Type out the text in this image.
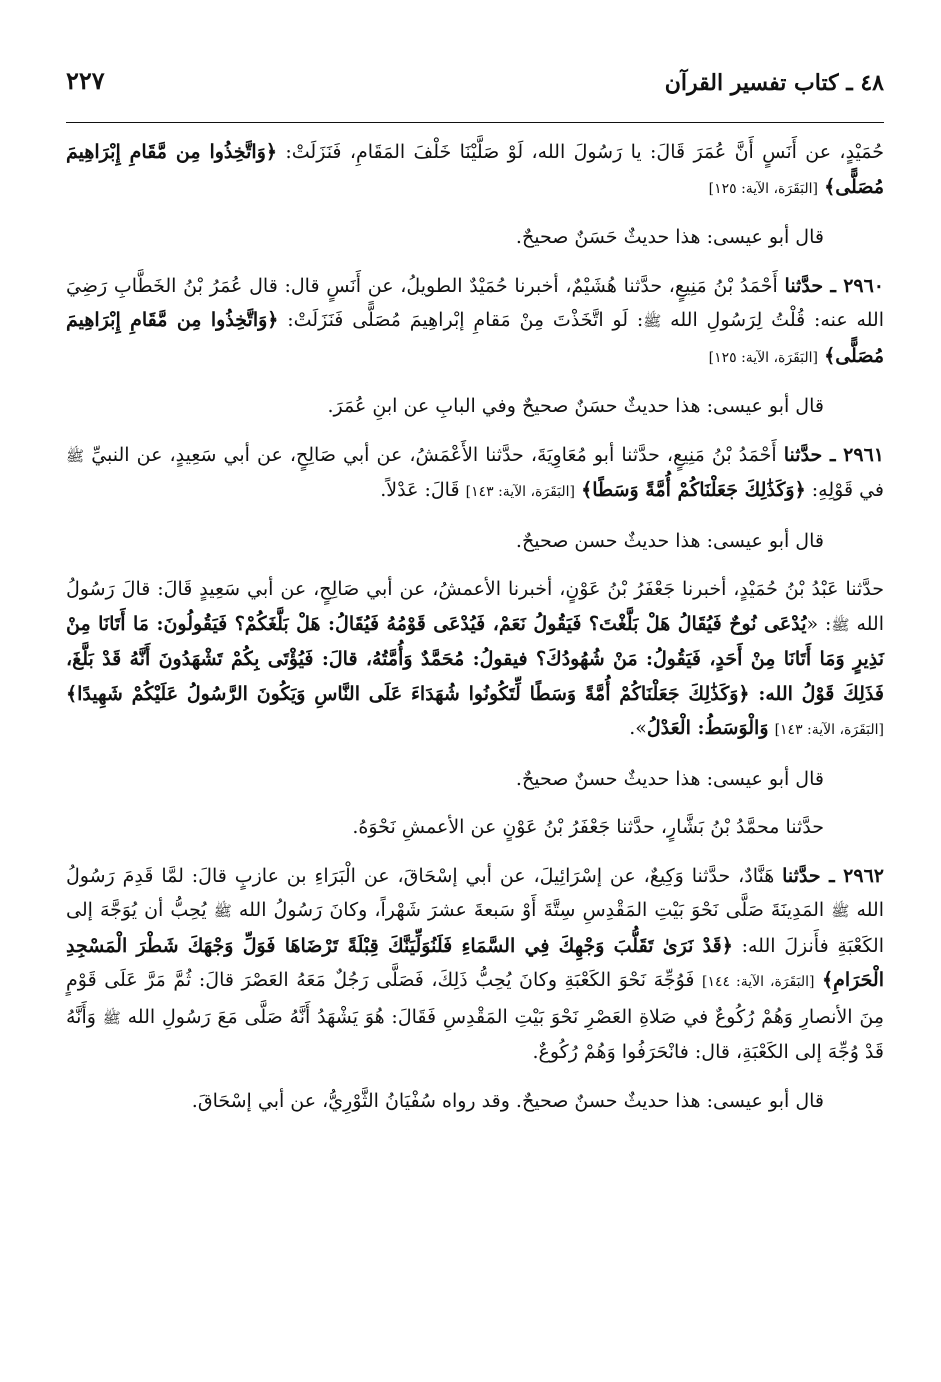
٤٨ ـ كتاب تفسير القرآن
٢٢٧

حُمَيْدٍ، عن أَنَسٍ أَنَّ عُمَرَ قَالَ: يا رَسُولَ الله، لَوْ صَلَّيْنَا خَلْفَ المَقَامِ، فَنَزَلَتْ: ﴿وَاتَّخِذُوا مِن مَّقَامِ إِبْرَاهِيمَ مُصَلًّى﴾ [البَقَرَة، الآية: ١٢٥]

قال أبو عيسى: هذا حديثٌ حَسَنٌ صحيحٌ.

٢٩٦٠ ـ حدَّثنا أَحْمَدُ بْنُ مَنِيعٍ، حدَّثنا هُشَيْمٌ، أخبرنا حُمَيْدٌ الطويلُ، عن أَنَسٍ قال: قال عُمَرُ بْنُ الخَطَّابِ رَضِيَ الله عنه: قُلْتُ لِرَسُولِ الله ﷺ: لَو اتَّخَذْتَ مِنْ مَقامِ إبْراهِيمَ مُصَلًّى فَنَزَلَتْ: ﴿وَاتَّخِذُوا مِن مَّقَامِ إِبْرَاهِيمَ مُصَلًّى﴾ [البَقَرَة، الآية: ١٢٥]

قال أبو عيسى: هذا حديثٌ حسَنٌ صحيحٌ وفي البابِ عن ابنِ عُمَرَ.

٢٩٦١ ـ حدَّثنا أَحْمَدُ بْنُ مَنِيعٍ، حدَّثنا أبو مُعَاوِيَةَ، حدَّثنا الأَعْمَشُ، عن أبي صَالِحٍ، عن أبي سَعِيدٍ، عن النبيِّ ﷺ في قَوْلِهِ: ﴿وَكَذَٰلِكَ جَعَلْنَاكُمْ أُمَّةً وَسَطًا﴾ [البَقَرَة، الآية: ١٤٣] قَالَ: عَدْلاً.

قال أبو عيسى: هذا حديثٌ حسن صحيحٌ.

حدَّثنا عَبْدُ بْنُ حُمَيْدٍ، أخبرنا جَعْفَرُ بْنُ عَوْنٍ، أخبرنا الأعمشُ، عن أبي صَالِحٍ، عن أبي سَعِيدٍ قَالَ: قالَ رَسُولُ الله ﷺ: «يُدْعَى نُوحٌ فَيُقَالُ هَلْ بَلَّغْتَ؟ فَيَقُولُ نَعَمْ، فَيُدْعَى قَوْمُهُ فَيُقَالُ: هَلْ بَلَّغَكُمْ؟ فَيَقُولُونَ: مَا أَتَانَا مِنْ نَذِيرٍ وَمَا أَتَانَا مِنْ أَحَدٍ، فَيَقُولُ: مَنْ شُهُودُكَ؟ فيقولُ: مُحَمَّدٌ وَأُمَّتُهُ، قالَ: فَيُؤْتَى بِكُمْ تَشْهَدُونَ أَنَّهُ قَدْ بَلَّغَ، فَذَلِكَ قَوْلُ الله: ﴿وَكَذَٰلِكَ جَعَلْنَاكُمْ أُمَّةً وَسَطًا لِّتَكُونُوا شُهَدَاءَ عَلَى النَّاسِ وَيَكُونَ الرَّسُولُ عَلَيْكُمْ شَهِيدًا﴾ [البَقَرَة، الآية: ١٤٣] وَالْوَسَطُ: الْعَدْلُ».

قال أبو عيسى: هذا حديثٌ حسنٌ صحيحٌ.

حدَّثنا محمَّدُ بْنُ بَشَّارٍ، حدَّثنا جَعْفَرُ بْنُ عَوْنٍ عن الأعمشِ نَحْوَهُ.

٢٩٦٢ ـ حدَّثنا هَنَّادٌ، حدَّثنا وَكِيعٌ، عن إسْرَائِيلَ، عن أبي إسْحَاقَ، عن الْبَرَاءِ بن عازبٍ قالَ: لمَّا قَدِمَ رَسُولُ الله ﷺ المَدِينَةَ صَلَّى نَحْوَ بَيْتِ المَقْدِسِ سِتَّةَ أَوْ سَبعةَ عشرَ شَهْراً، وكانَ رَسُولُ الله ﷺ يُحِبُّ أن يُوَجَّهَ إلى الكَعْبَةِ فأَنزلَ الله: ﴿قَدْ نَرَىٰ تَقَلُّبَ وَجْهِكَ فِي السَّمَاءِ فَلَنُوَلِّيَنَّكَ قِبْلَةً تَرْضَاهَا فَوَلِّ وَجْهَكَ شَطْرَ الْمَسْجِدِ الْحَرَامِ﴾ [البَقَرَة، الآية: ١٤٤] فَوُجِّهَ نَحْوَ الكَعْبَةِ وكانَ يُحِبُّ ذَلِكَ، فَصَلَّى رَجُلٌ مَعَهُ العَصْرَ قالَ: ثُمَّ مَرَّ عَلَى قَوْمٍ مِنَ الأنصارِ وَهُمْ رُكُوعٌ في صَلاةِ العَصْرِ نَحْوَ بَيْتِ المَقْدِسِ فَقَالَ: هُوَ يَشْهَدُ أَنَّهُ صَلَّى مَعَ رَسُولِ الله ﷺ وَأَنَّهُ قَدْ وُجِّهَ إلى الكَعْبَةِ، قال: فانْحَرَفُوا وَهُمْ رُكُوعٌ.

قال أبو عيسى: هذا حديثٌ حسنٌ صحيحٌ. وقد رواه سُفْيَانُ الثَّوْرِيُّ، عن أبي إسْحَاقَ.
